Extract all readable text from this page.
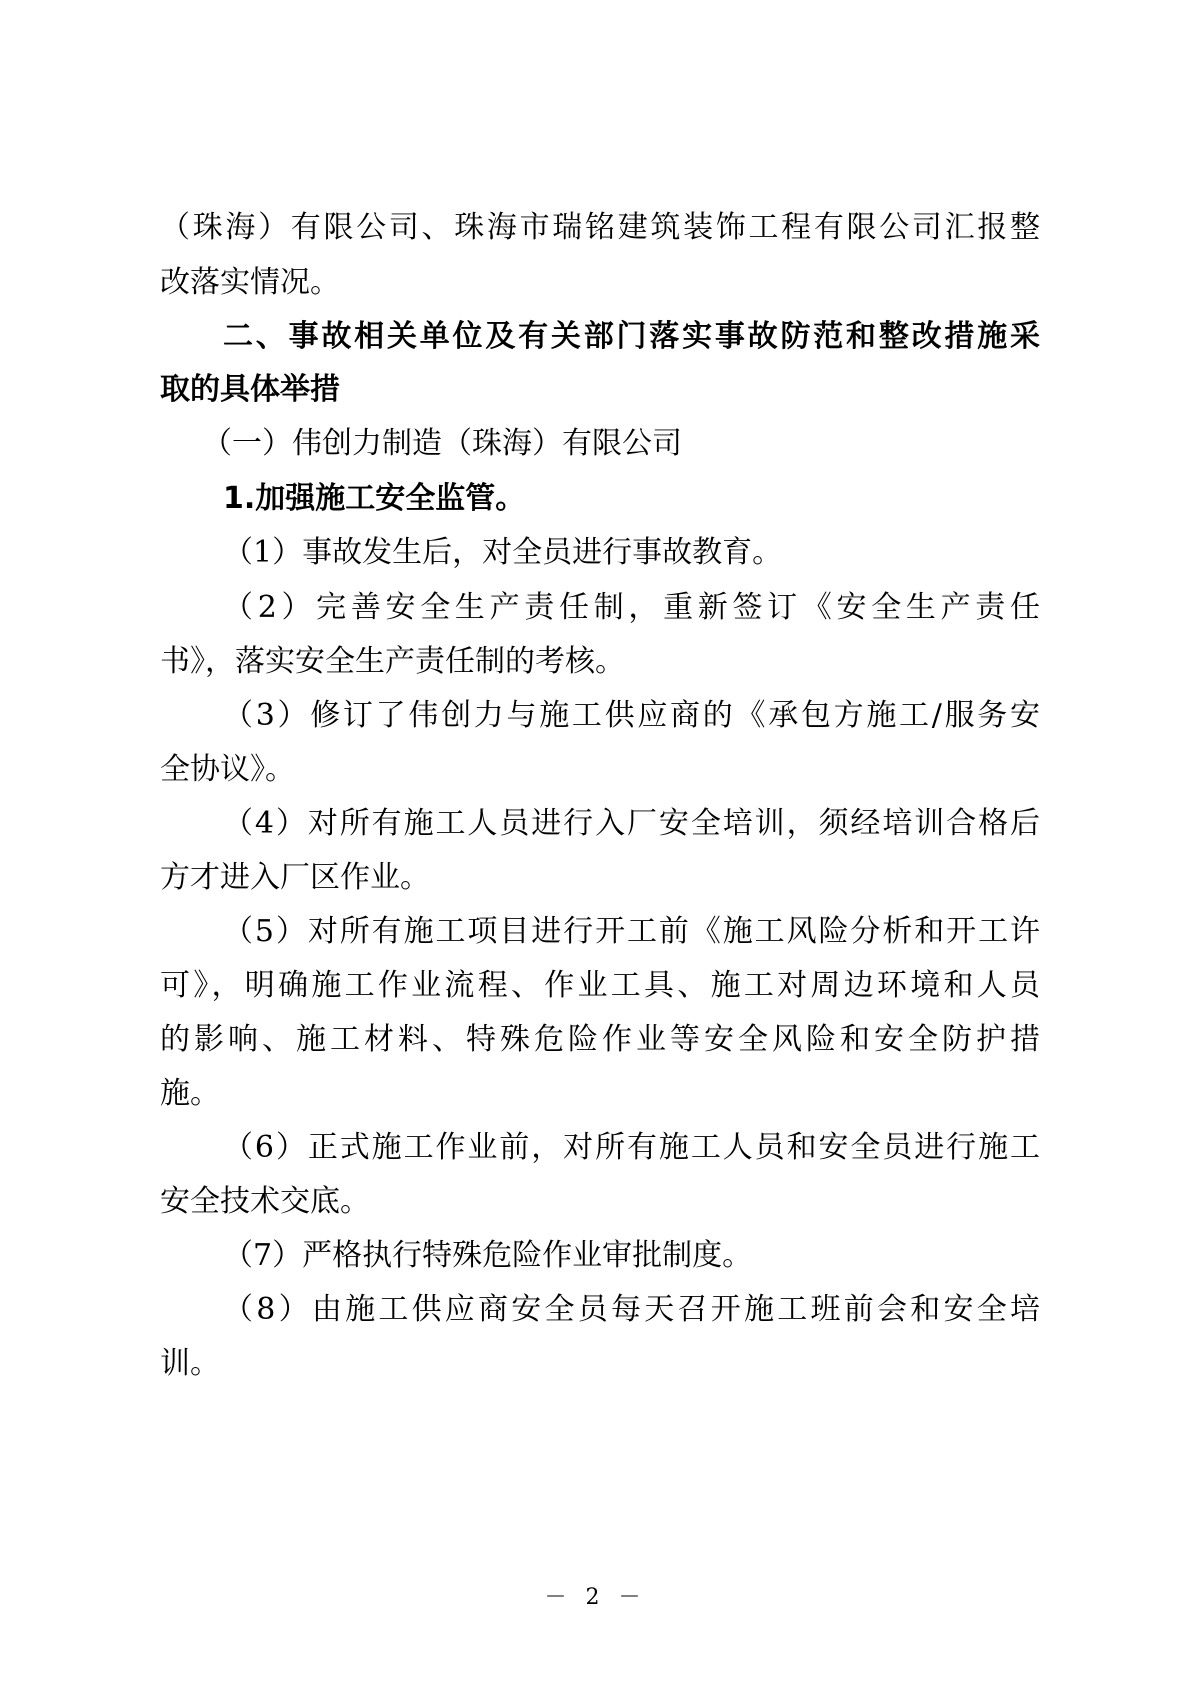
（珠海）有限公司、珠海市瑞铭建筑装饰工程有限公司汇报整
改落实情况。
二、事故相关单位及有关部门落实事故防范和整改措施采
取的具体举措
（一）伟创力制造（珠海）有限公司
1.加强施工安全监管。
（1）事故发生后，对全员进行事故教育。
（2）完善安全生产责任制，重新签订《安全生产责任
书》，落实安全生产责任制的考核。
（3）修订了伟创力与施工供应商的《承包方施工/服务安
全协议》。
（4）对所有施工人员进行入厂安全培训，须经培训合格后
方才进入厂区作业。
（5）对所有施工项目进行开工前《施工风险分析和开工许
可》，明确施工作业流程、作业工具、施工对周边环境和人员
的影响、施工材料、特殊危险作业等安全风险和安全防护措
施。
（6）正式施工作业前，对所有施工人员和安全员进行施工
安全技术交底。
（7）严格执行特殊危险作业审批制度。
（8）由施工供应商安全员每天召开施工班前会和安全培
训。
－ 2 －
